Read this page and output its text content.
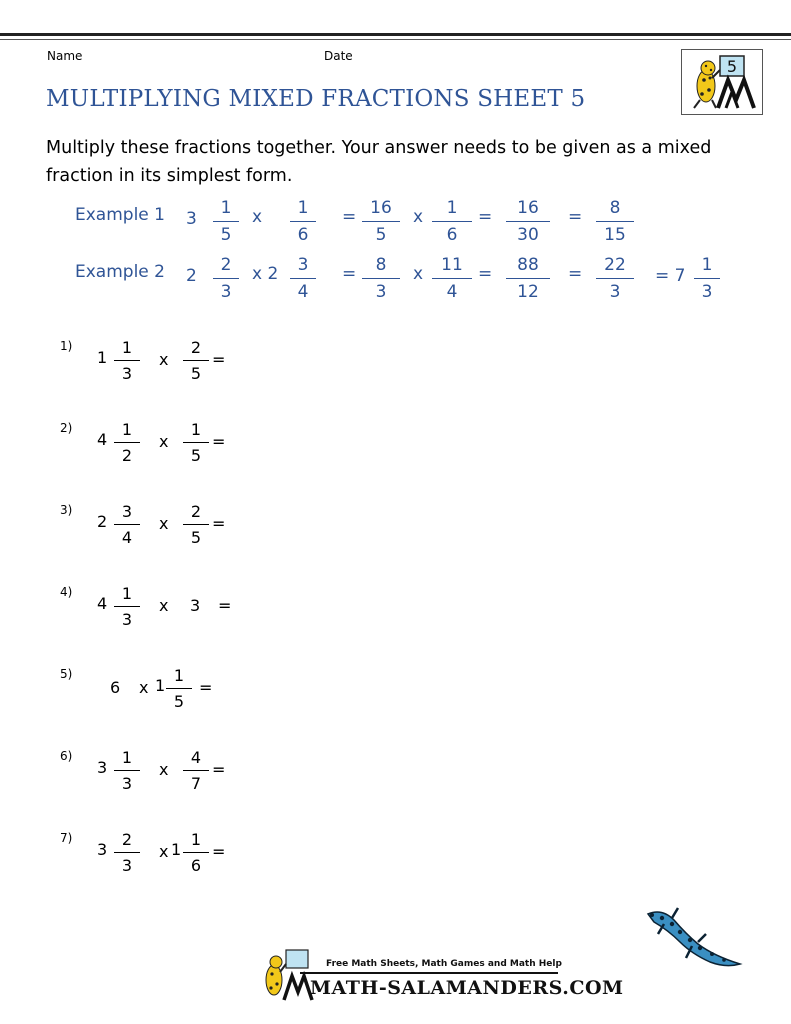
Name	Date
5
MULTIPLYING MIXED FRACTIONS SHEET 5
Multiply these fractions together. Your answer needs to be given as a mixed fraction in its simplest form.
Example 1 3
1
5
x	1
6
= 16
5
x	1
6
=	16
30
=	8
15
Example 2 2
2
3
x 2	3
4
=	8
3
x	11
4
=	88
12
=	22
3
= 7
1
3
1)
1
1
3
x
2
5
=
2)
4
1
2
x
1
5
=
3)
2
3
4
x
2
5
=
4)
4
1
3
x 3 =
5)
6 x 1
1
5
=
6)
3
1
3
x
4
7
=
7)
3
2
3
x 1
1
6
=
Free Math Sheets, Math Games and Math Help
MATH-SALAMANDERS.COM
